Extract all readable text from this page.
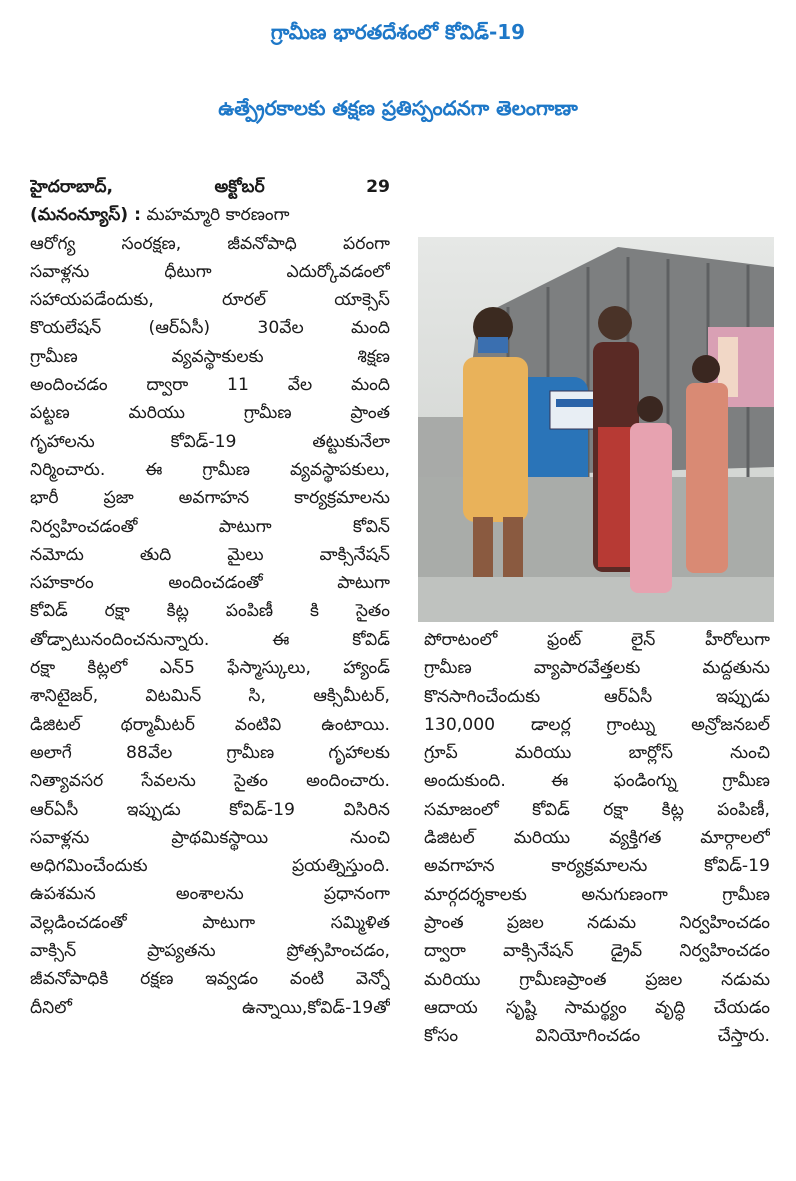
గ్రామీణ భారతదేశంలో కోవిడ్-19
ఉత్ప్రేరకాలకు తక్షణ ప్రతిస్పందనగా తెలంగాణా
హైదరాబాద్,	అక్టోబర్	29
(మనంన్యూస్) : మహమ్మారి కారణంగా
ఆరోగ్య సంరక్షణ, జీవనోపాధి పరంగా
సవాళ్లను ధీటుగా ఎదుర్కోవడంలో
సహాయపడేందుకు, రూరల్ యాక్సెస్
కొయలేషన్ (ఆర్ఏసీ) 30వేల మంది
గ్రామీణ వ్యవస్థాకులకు శిక్షణ
అందించడం ద్వారా 11 వేల మంది
పట్టణ మరియు గ్రామీణ ప్రాంత
గృహాలను కోవిడ్-19 తట్టుకునేలా
నిర్మించారు. ఈ గ్రామీణ వ్యవస్థాపకులు,
భారీ ప్రజా అవగాహన కార్యక్రమాలను
నిర్వహించడంతో పాటుగా కోవిన్
నమోదు తుది మైలు వాక్సినేషన్
సహకారం అందించడంతో పాటుగా
కోవిడ్ రక్షా కిట్ల పంపిణీ కి సైతం
తోడ్పాటునందించనున్నారు. ఈ కోవిడ్
రక్షా కిట్లలో ఎన్5 ఫేస్మాస్కులు, హ్యాండ్
శానిటైజర్, విటమిన్ సి, ఆక్సిమీటర్,
డిజిటల్ థర్మామీటర్ వంటివి ఉంటాయి.
అలాగే 88వేల గ్రామీణ గృహాలకు
నిత్యావసర సేవలను సైతం అందించారు.
ఆర్ఏసీ ఇప్పుడు కోవిడ్-19 విసిరిన
సవాళ్లను ప్రాథమికస్థాయి నుంచి
అధిగమించేందుకు ప్రయత్నిస్తుంది.
ఉపశమన అంశాలను ప్రధానంగా
వెల్లడించడంతో పాటుగా సమ్మిళిత
వాక్సిన్ ప్రాప్యతను ప్రోత్సహించడం,
జీవనోపాధికి రక్షణ ఇవ్వడం వంటి వెన్నో
దీనిలో ఉన్నాయి,కోవిడ్-19తో
పోరాటంలో ఫ్రంట్ లైన్ హీరోలుగా
గ్రామీణ వ్యాపారవేత్తలకు మద్దతును
కొనసాగించేందుకు ఆర్ఏసీ ఇప్పుడు
130,000 డాలర్ల గ్రాంట్ను అన్రోజనబల్
గ్రూప్ మరియు బార్లోస్ నుంచి
అందుకుంది. ఈ ఫండింగ్ను గ్రామీణ
సమాజంలో కోవిడ్ రక్షా కిట్ల పంపిణీ,
డిజిటల్ మరియు వ్యక్తిగత మార్గాలలో
అవగాహన కార్యక్రమాలను కోవిడ్-19
మార్గదర్శకాలకు అనుగుణంగా గ్రామీణ
ప్రాంత ప్రజల నడుమ నిర్వహించడం
ద్వారా వాక్సినేషన్ డ్రైవ్ నిర్వహించడం
మరియు గ్రామీణప్రాంత ప్రజల నడుమ
ఆదాయ సృష్టి సామర్థ్యం వృద్ధి చేయడం
కోసం వినియోగించడం చేస్తారు.
